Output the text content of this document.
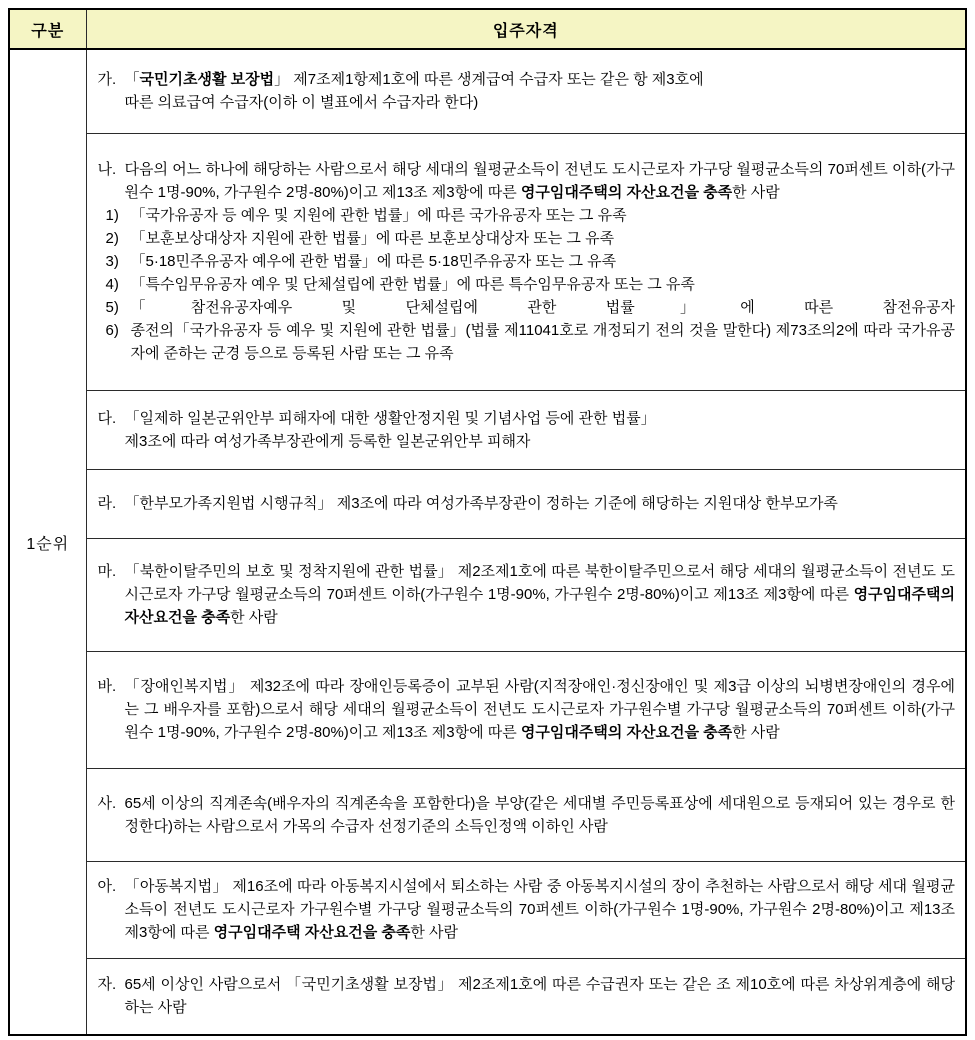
구분	입주자격
1순위	가. 「국민기초생활 보장법」 제7조제1항제1호에 따른 생계급여 수급자 또는 같은 항 제3호에
따른 의료급여 수급자(이하 이 별표에서 수급자라 한다)

나. 다음의 어느 하나에 해당하는 사람으로서 해당 세대의 월평균소득이 전년도 도시근로자 가구당 월평균소득의 70퍼센트 이하(가구원수 1명-90%, 가구원수 2명-80%)이고 제13조 제3항에 따른 영구임대주택의 자산요건을 충족한 사람
1) 「국가유공자 등 예우 및 지원에 관한 법률」에 따른 국가유공자 또는 그 유족
2) 「보훈보상대상자 지원에 관한 법률」에 따른 보훈보상대상자 또는 그 유족
3) 「5·18민주유공자 예우에 관한 법률」에 따른 5·18민주유공자 또는 그 유족
4) 「특수임무유공자 예우 및 단체설립에 관한 법률」에 따른 특수임무유공자 또는 그 유족
5) 「참전유공자예우 및 단체설립에 관한 법률」에 따른 참전유공자
6) 종전의「국가유공자 등 예우 및 지원에 관한 법률」(법률 제11041호로 개정되기 전의 것을 말한다) 제73조의2에 따라 국가유공자에 준하는 군경 등으로 등록된 사람 또는 그 유족

	다. 「일제하 일본군위안부 피해자에 대한 생활안정지원 및 기념사업 등에 관한 법률」
제3조에 따라 여성가족부장관에게 등록한 일본군위안부 피해자

	라. 「한부모가족지원법 시행규칙」 제3조에 따라 여성가족부장관이 정하는 기준에 해당하는 지원대상 한부모가족

	마. 「북한이탈주민의 보호 및 정착지원에 관한 법률」 제2조제1호에 따른 북한이탈주민으로서 해당 세대의 월평균소득이 전년도 도시근로자 가구당 월평균소득의 70퍼센트 이하(가구원수 1명-90%, 가구원수 2명-80%)이고 제13조 제3항에 따른 영구임대주택의 자산요건을 충족한 사람

	바. 「장애인복지법」 제32조에 따라 장애인등록증이 교부된 사람(지적장애인·정신장애인 및 제3급 이상의 뇌병변장애인의 경우에는 그 배우자를 포함)으로서 해당 세대의 월평균소득이 전년도 도시근로자 가구원수별 가구당 월평균소득의 70퍼센트 이하(가구원수 1명-90%, 가구원수 2명-80%)이고 제13조 제3항에 따른 영구임대주택의 자산요건을 충족한 사람

	사. 65세 이상의 직계존속(배우자의 직계존속을 포함한다)을 부양(같은 세대별 주민등록표상에 세대원으로 등재되어 있는 경우로 한정한다)하는 사람으로서 가목의 수급자 선정기준의 소득인정액 이하인 사람

	아. 「아동복지법」 제16조에 따라 아동복지시설에서 퇴소하는 사람 중 아동복지시설의 장이 추천하는 사람으로서 해당 세대 월평균소득이 전년도 도시근로자 가구원수별 가구당 월평균소득의 70퍼센트 이하(가구원수 1명-90%, 가구원수 2명-80%)이고 제13조제3항에 따른 영구임대주택 자산요건을 충족한 사람

	자. 65세 이상인 사람으로서 「국민기초생활 보장법」 제2조제1호에 따른 수급권자 또는 같은 조 제10호에 따른 차상위계층에 해당하는 사람
